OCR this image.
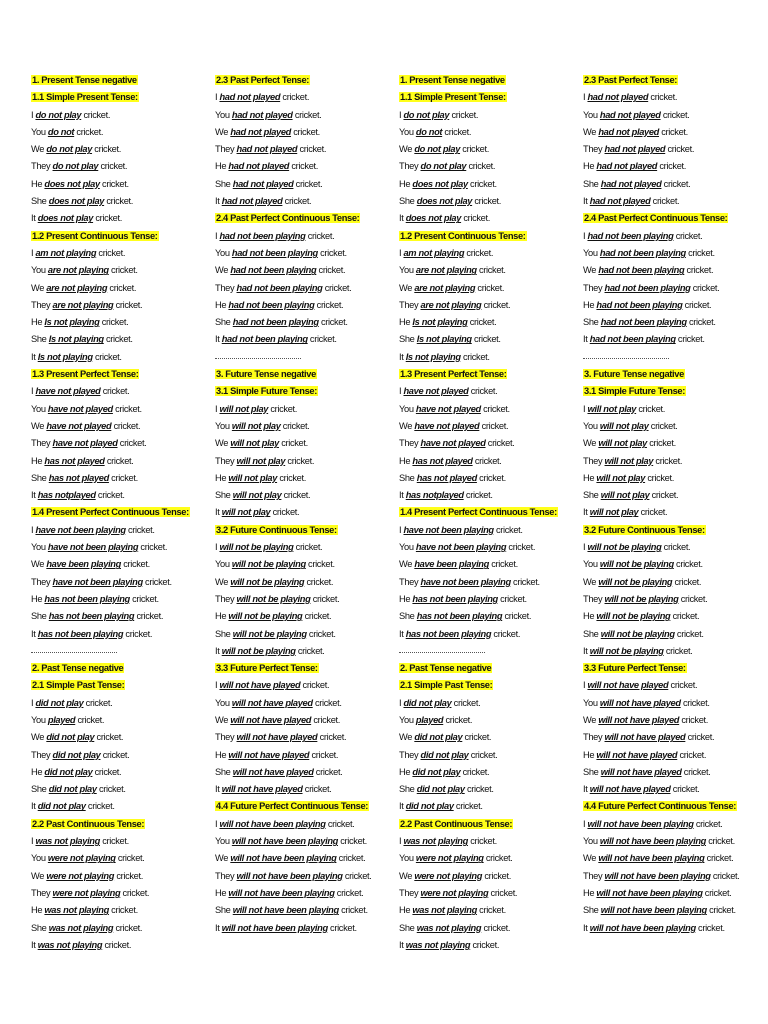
1. Present Tense negative
1.1 Simple Present Tense:
I do not play cricket.
You do not cricket.
We do not play cricket.
They do not play cricket.
He does not play cricket.
She does not play cricket.
It does not play cricket.
1.2 Present Continuous Tense:
I am not playing cricket.
You are not playing cricket.
We are not playing cricket.
They are not playing cricket.
He Is not playing cricket.
She Is not playing cricket.
It Is not playing cricket.
1.3 Present Perfect Tense:
I have not played cricket.
You have not played cricket.
We have not played cricket.
They have not played cricket.
He has not played cricket.
She has not played cricket.
It has notplayed cricket.
1.4 Present Perfect Continuous Tense:
I have not been playing cricket.
You have not been playing cricket.
We have been playing cricket.
They have not been playing cricket.
He has not been playing cricket.
She has not been playing cricket.
It has not been playing cricket.
2. Past Tense negative
2.1 Simple Past Tense:
I did not play cricket.
You played cricket.
We did not play cricket.
They did not play cricket.
He did not play cricket.
She did not play cricket.
It did not play cricket.
2.2 Past Continuous Tense:
I was not playing cricket.
You were not playing cricket.
We were not playing cricket.
They were not playing cricket.
He was not playing cricket.
She was not playing cricket.
It was not playing cricket.
2.3 Past Perfect Tense:
I had not played cricket.
You had not played cricket.
We had not played cricket.
They had not played cricket.
He had not played cricket.
She had not played cricket.
It had not played cricket.
2.4 Past Perfect Continuous Tense:
I had not been playing cricket.
You had not been playing cricket.
We had not been playing cricket.
They had not been playing cricket.
He had not been playing cricket.
She had not been playing cricket.
It had not been playing cricket.
3. Future Tense negative
3.1 Simple Future Tense:
I will not play cricket.
You will not play cricket.
We will not play cricket.
They will not play cricket.
He will not play cricket.
She will not play cricket.
It will not play cricket.
3.2 Future Continuous Tense:
I will not be playing cricket.
You will not be playing cricket.
We will not be playing cricket.
They will not be playing cricket.
He will not be playing cricket.
She will not be playing cricket.
It will not be playing cricket.
3.3 Future Perfect Tense:
I will not have played cricket.
You will not have played cricket.
We will not have played cricket.
They will not have played cricket.
He will not have played cricket.
She will not have played cricket.
It will not have played cricket.
4.4 Future Perfect Continuous Tense:
I will not have been playing cricket.
You will not have been playing cricket.
We will not have been playing cricket.
They will not have been playing cricket.
He will not have been playing cricket.
She will not have been playing cricket.
It will not have been playing cricket.
1. Present Tense negative
1.1 Simple Present Tense:
I do not play cricket.
You do not cricket.
We do not play cricket.
They do not play cricket.
He does not play cricket.
She does not play cricket.
It does not play cricket.
1.2 Present Continuous Tense:
I am not playing cricket.
You are not playing cricket.
We are not playing cricket.
They are not playing cricket.
He Is not playing cricket.
She Is not playing cricket.
It Is not playing cricket.
1.3 Present Perfect Tense:
I have not played cricket.
You have not played cricket.
We have not played cricket.
They have not played cricket.
He has not played cricket.
She has not played cricket.
It has notplayed cricket.
1.4 Present Perfect Continuous Tense:
I have not been playing cricket.
You have not been playing cricket.
We have been playing cricket.
They have not been playing cricket.
He has not been playing cricket.
She has not been playing cricket.
It has not been playing cricket.
2. Past Tense negative
2.1 Simple Past Tense:
I did not play cricket.
You played cricket.
We did not play cricket.
They did not play cricket.
He did not play cricket.
She did not play cricket.
It did not play cricket.
2.2 Past Continuous Tense:
I was not playing cricket.
You were not playing cricket.
We were not playing cricket.
They were not playing cricket.
He was not playing cricket.
She was not playing cricket.
It was not playing cricket.
2.3 Past Perfect Tense:
I had not played cricket.
You had not played cricket.
We had not played cricket.
They had not played cricket.
He had not played cricket.
She had not played cricket.
It had not played cricket.
2.4 Past Perfect Continuous Tense:
I had not been playing cricket.
You had not been playing cricket.
We had not been playing cricket.
They had not been playing cricket.
He had not been playing cricket.
She had not been playing cricket.
It had not been playing cricket.
3. Future Tense negative
3.1 Simple Future Tense:
I will not play cricket.
You will not play cricket.
We will not play cricket.
They will not play cricket.
He will not play cricket.
She will not play cricket.
It will not play cricket.
3.2 Future Continuous Tense:
I will not be playing cricket.
You will not be playing cricket.
We will not be playing cricket.
They will not be playing cricket.
He will not be playing cricket.
She will not be playing cricket.
It will not be playing cricket.
3.3 Future Perfect Tense:
I will not have played cricket.
You will not have played cricket.
We will not have played cricket.
They will not have played cricket.
He will not have played cricket.
She will not have played cricket.
It will not have played cricket.
4.4 Future Perfect Continuous Tense:
I will not have been playing cricket.
You will not have been playing cricket.
We will not have been playing cricket.
They will not have been playing cricket.
He will not have been playing cricket.
She will not have been playing cricket.
It will not have been playing cricket.
